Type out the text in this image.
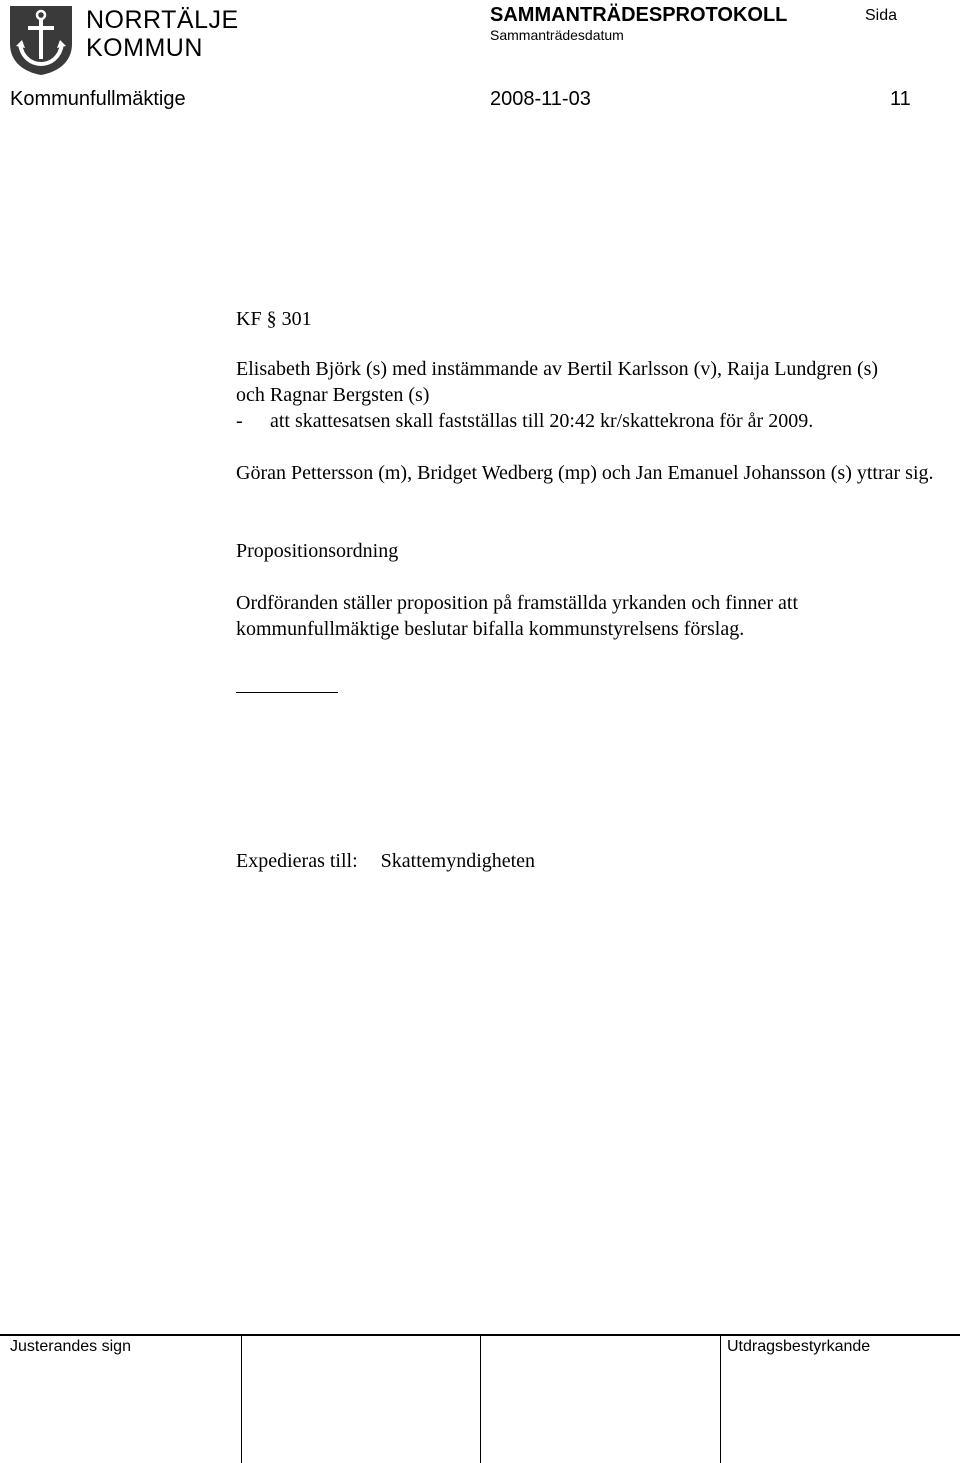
NORRTÄLJE
KOMMUN
SAMMANTRÄDESPROTOKOLL
Sammanträdesdatum
Sida
Kommunfullmäktige	2008-11-03	11
KF § 301
Elisabeth Björk (s) med instämmande av Bertil Karlsson (v), Raija Lundgren (s)
och Ragnar Bergsten (s)
-	att skattesatsen skall fastställas till 20:42 kr/skattekrona för år 2009.
Göran Pettersson (m), Bridget Wedberg (mp) och Jan Emanuel Johansson (s) yttrar sig.
Propositionsordning
Ordföranden ställer proposition på framställda yrkanden och finner att kommunfullmäktige beslutar bifalla kommunstyrelsens förslag.
Expedieras till: Skattemyndigheten
Justerandes sign	Utdragsbestyrkande
